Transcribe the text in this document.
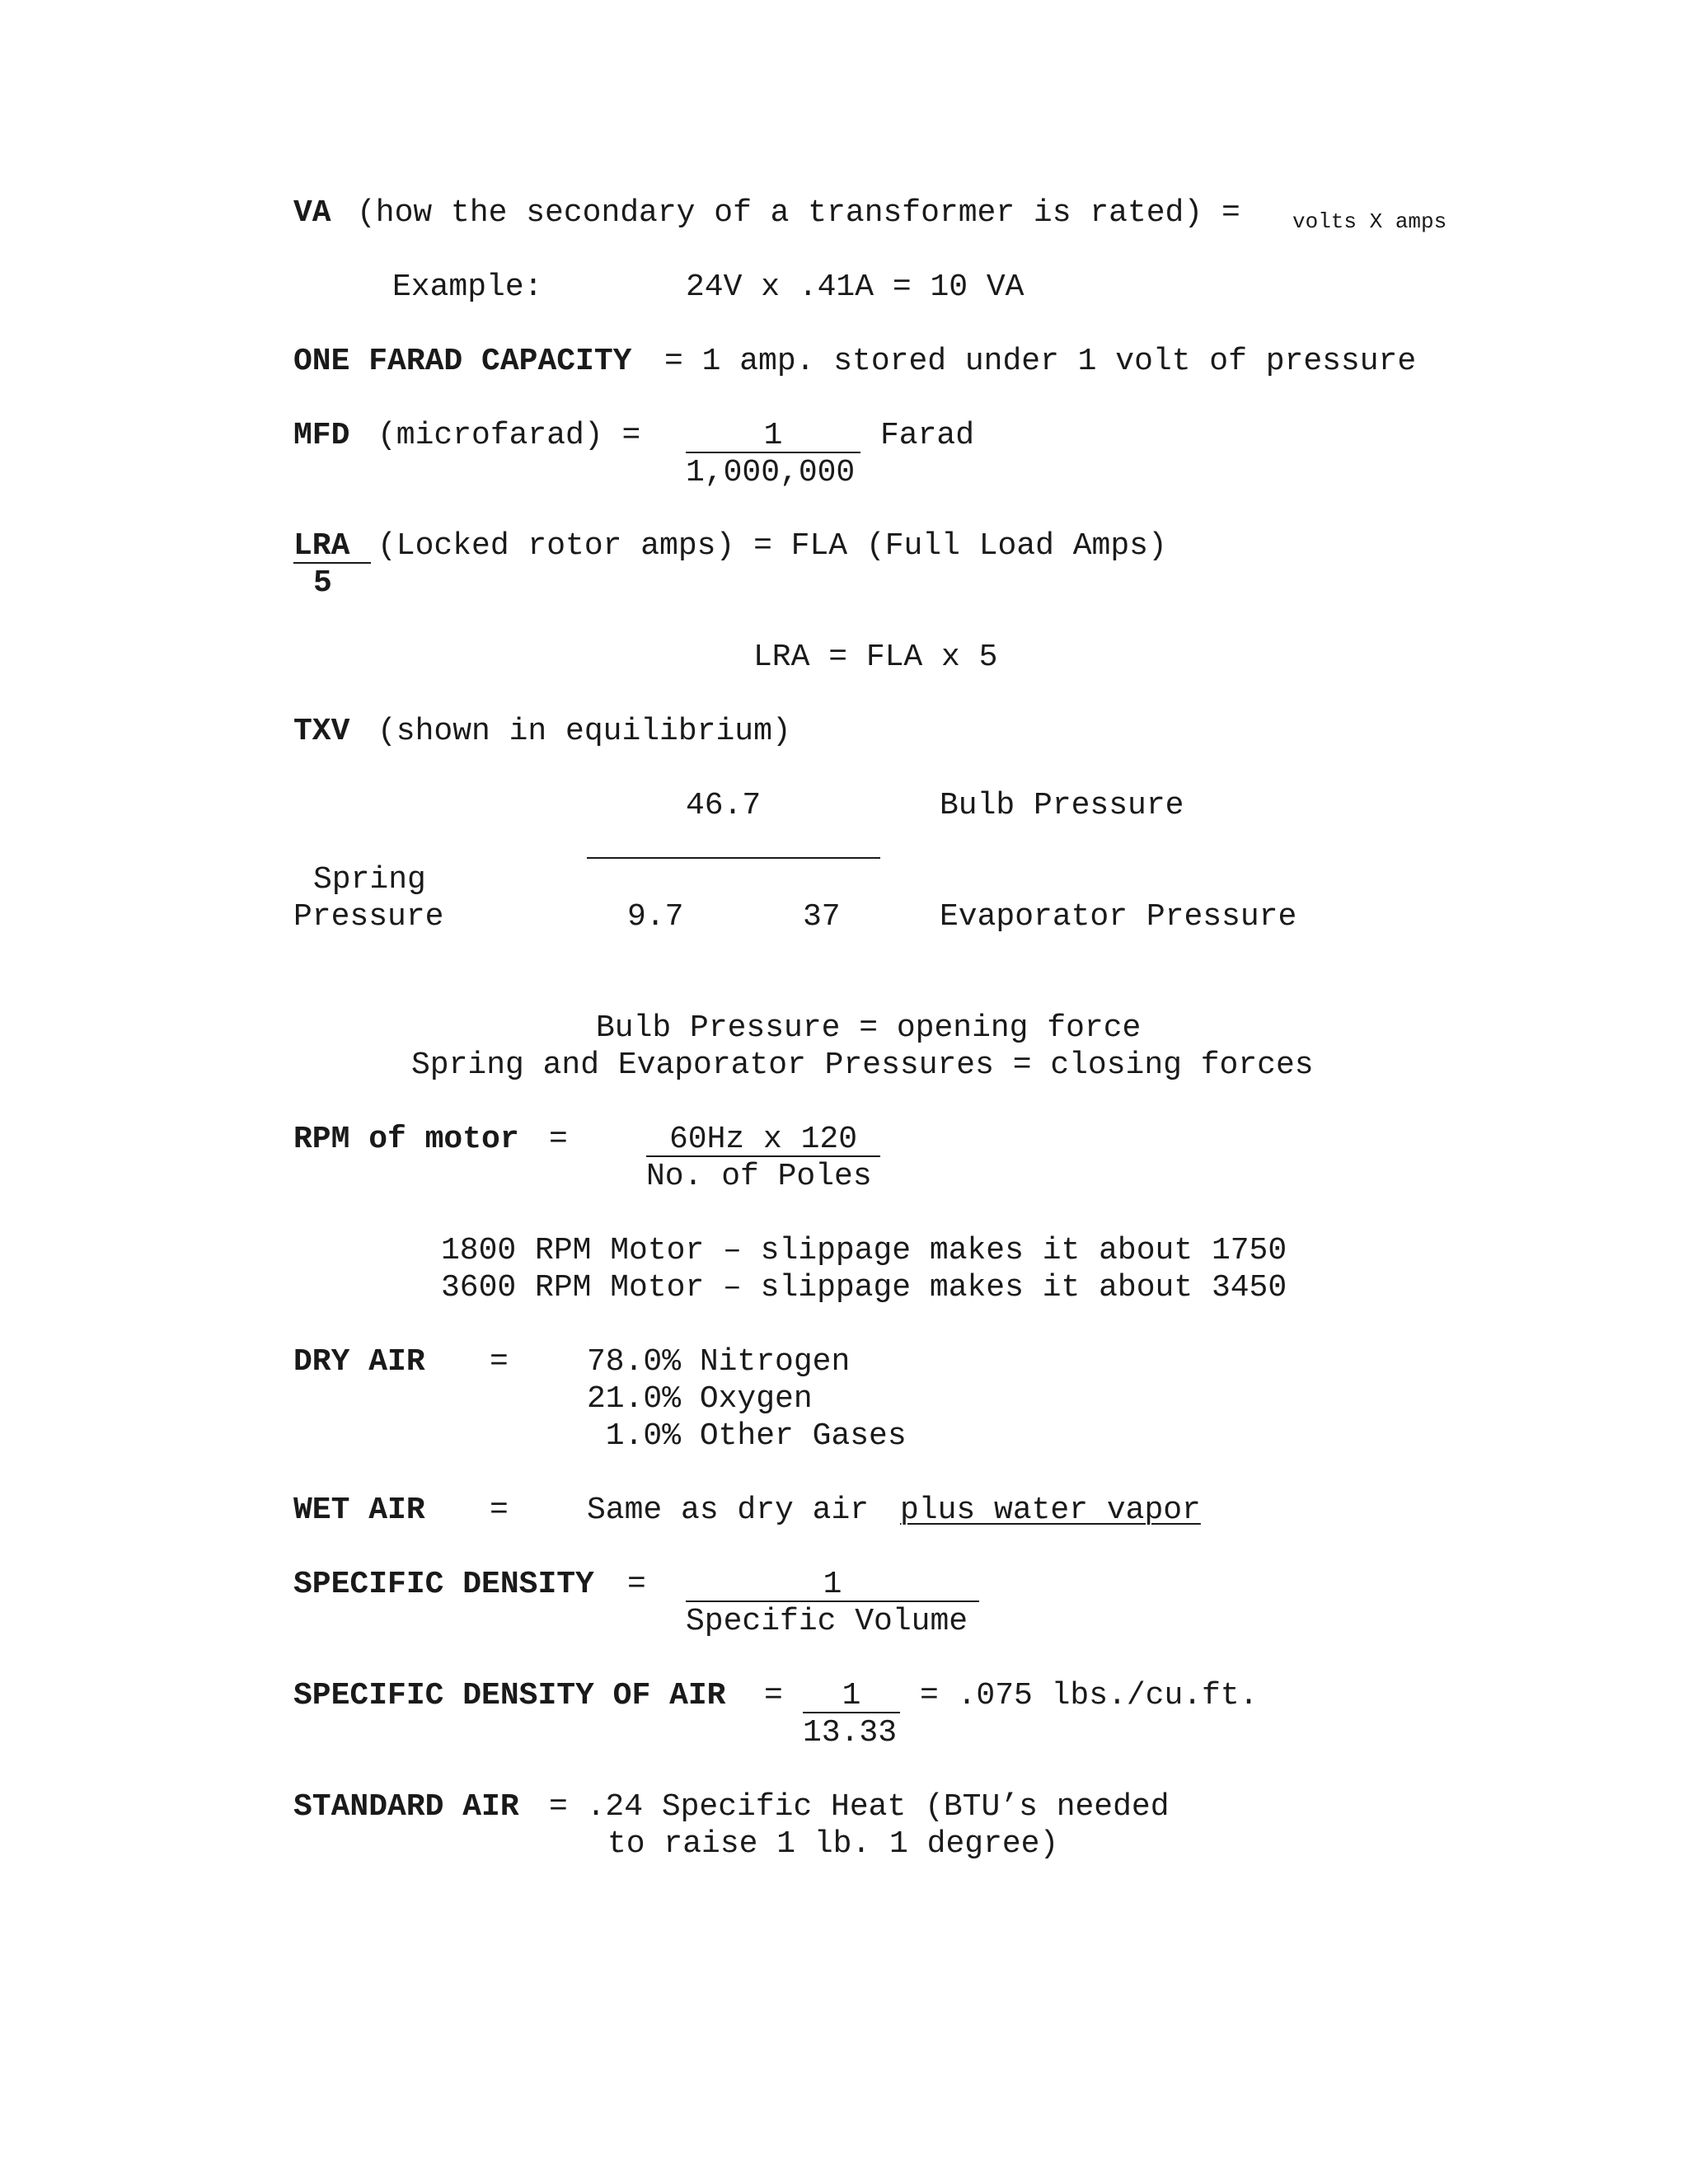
VA (how the secondary of a transformer is rated) = volts X amps
Example:	24V x .41A = 10 VA
ONE FARAD CAPACITY = 1 amp. stored under 1 volt of pressure
MFD (microfarad) =	1
1,000,000
Farad
LRA
5
(Locked rotor amps) = FLA (Full Load Amps)
LRA = FLA x 5
TXV (shown in equilibrium)
46.7	Bulb Pressure
Spring
Pressure	9.7	37	Evaporator Pressure
Bulb Pressure = opening force
Spring and Evaporator Pressures = closing forces
RPM of motor =	60Hz x 120
No. of Poles
1800 RPM Motor – slippage makes it about 1750
3600 RPM Motor – slippage makes it about 3450
DRY AIR =	78.0% Nitrogen
21.0% Oxygen
1.0% Other Gases
WET AIR =	Same as dry air plus water vapor
SPECIFIC DENSITY =	1
Specific Volume
SPECIFIC DENSITY OF AIR =	1
13.33
= .075 lbs./cu.ft.
STANDARD AIR = .24 Specific Heat (BTU’s needed
to raise 1 lb. 1 degree)
